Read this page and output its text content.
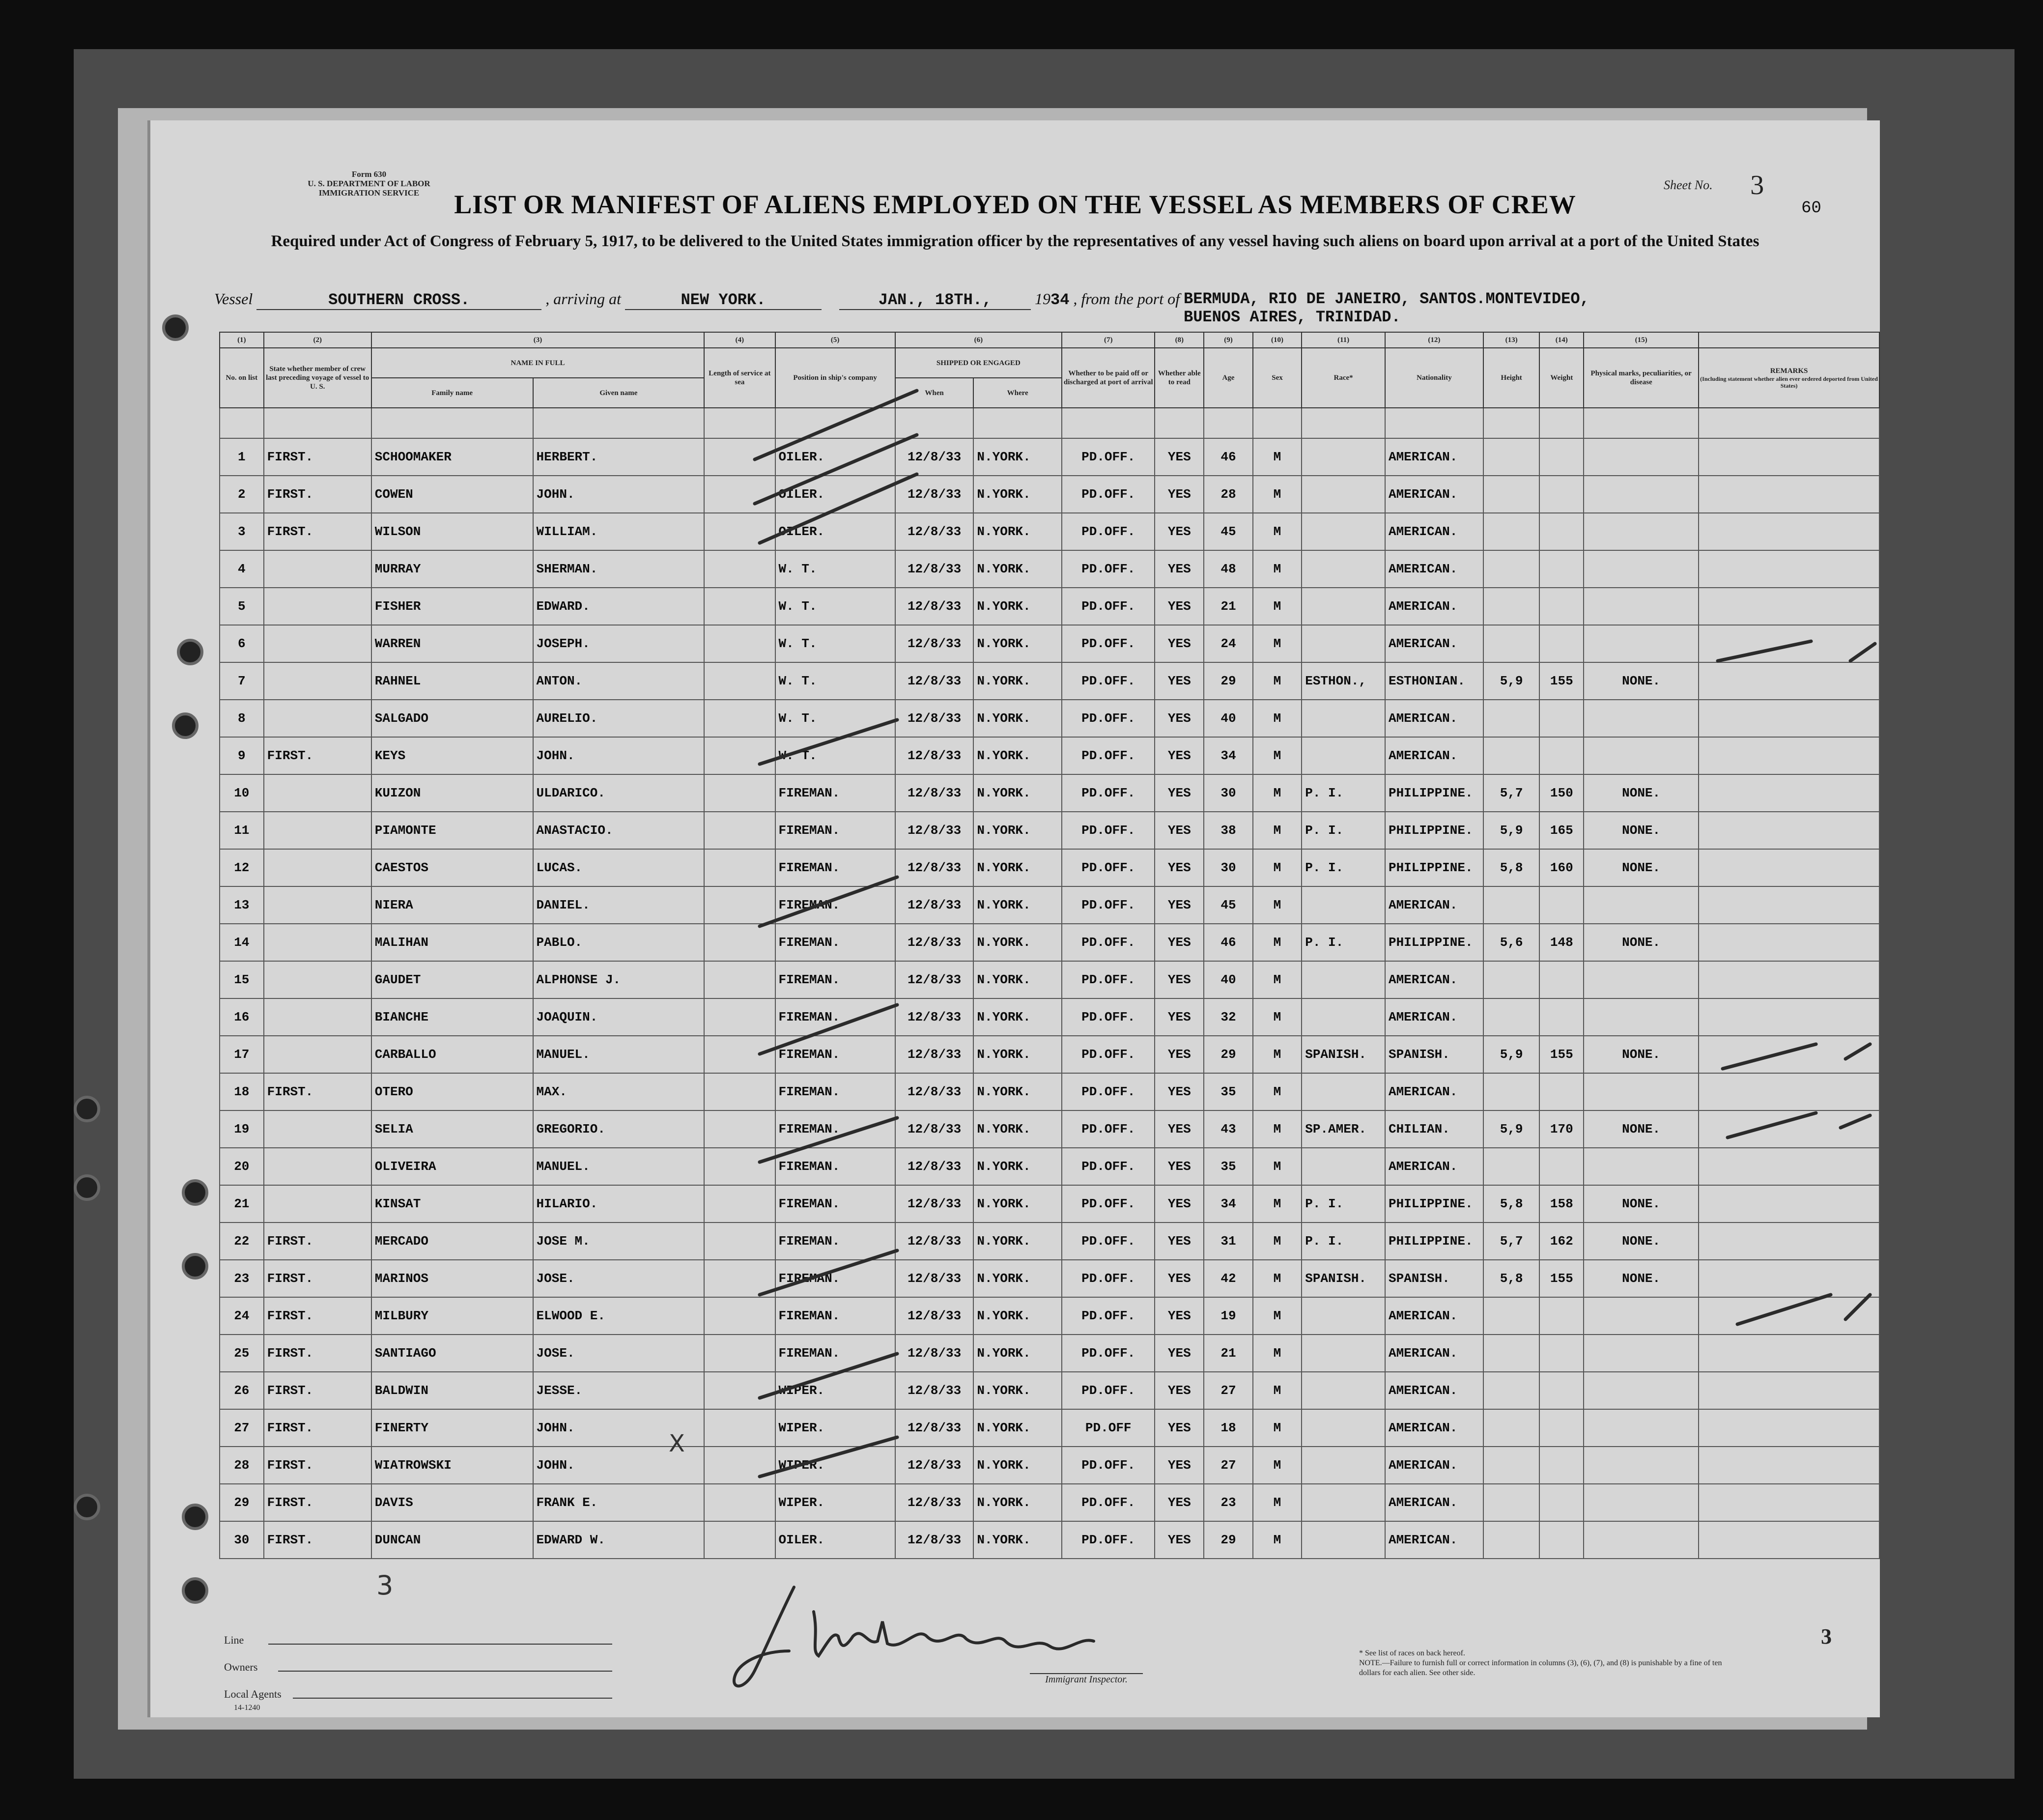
Form 630
U. S. DEPARTMENT OF LABOR
IMMIGRATION SERVICE
Sheet No. 3
60
LIST OR MANIFEST OF ALIENS EMPLOYED ON THE VESSEL AS MEMBERS OF CREW
Required under Act of Congress of February 5, 1917, to be delivered to the United States immigration officer by the representatives of any vessel having such aliens on board upon arrival at a port of the United States
Vessel	SOUTHERN CROSS.	, arriving at	NEW YORK.	JAN., 18TH.,	1934 , from the port of BERMUDA, RIO DE JANEIRO, SANTOS.MONTEVIDEO,
BUENOS AIRES, TRINIDAD.
(1)	(2)	(3)		(4)	(5)	(6)		(7)	(8)	(9)	(10)	(11)	(12)	(13)	(14)	(15)	
No. on list	State whether member of crew last preceding voyage of vessel to U. S.	NAME IN FULL		Length of service at sea	Position in ship's company	SHIPPED OR ENGAGED		Whether to be paid off or discharged at port of arrival	Whether able to read	Age	Sex	Race*	Nationality	Height	Weight	Physical marks, peculiarities, or disease	REMARKS
(Including statement whether alien ever ordered deported from United States)

		Family name	Given name			When	Where										

1	FIRST.	SCHOOMAKER	HERBERT.		OILER.	12/8/33	N.YORK.	PD.OFF.	YES	46	M		AMERICAN.				
2	FIRST.	COWEN	JOHN.		OILER.	12/8/33	N.YORK.	PD.OFF.	YES	28	M		AMERICAN.				
3	FIRST.	WILSON	WILLIAM.		OILER.	12/8/33	N.YORK.	PD.OFF.	YES	45	M		AMERICAN.				
4		MURRAY	SHERMAN.		W. T.	12/8/33	N.YORK.	PD.OFF.	YES	48	M		AMERICAN.				
5		FISHER	EDWARD.		W. T.	12/8/33	N.YORK.	PD.OFF.	YES	21	M		AMERICAN.				
6		WARREN	JOSEPH.		W. T.	12/8/33	N.YORK.	PD.OFF.	YES	24	M		AMERICAN.				
7		RAHNEL	ANTON.		W. T.	12/8/33	N.YORK.	PD.OFF.	YES	29	M	ESTHON.,	ESTHONIAN.	5,9	155	NONE.	
8		SALGADO	AURELIO.		W. T.	12/8/33	N.YORK.	PD.OFF.	YES	40	M		AMERICAN.				
9	FIRST.	KEYS	JOHN.		W. T.	12/8/33	N.YORK.	PD.OFF.	YES	34	M		AMERICAN.				
10		KUIZON	ULDARICO.		FIREMAN.	12/8/33	N.YORK.	PD.OFF.	YES	30	M	P. I.	PHILIPPINE.	5,7	150	NONE.	
11		PIAMONTE	ANASTACIO.		FIREMAN.	12/8/33	N.YORK.	PD.OFF.	YES	38	M	P. I.	PHILIPPINE.	5,9	165	NONE.	
12		CAESTOS	LUCAS.		FIREMAN.	12/8/33	N.YORK.	PD.OFF.	YES	30	M	P. I.	PHILIPPINE.	5,8	160	NONE.	
13		NIERA	DANIEL.		FIREMAN.	12/8/33	N.YORK.	PD.OFF.	YES	45	M		AMERICAN.				
14		MALIHAN	PABLO.		FIREMAN.	12/8/33	N.YORK.	PD.OFF.	YES	46	M	P. I.	PHILIPPINE.	5,6	148	NONE.	
15		GAUDET	ALPHONSE J.		FIREMAN.	12/8/33	N.YORK.	PD.OFF.	YES	40	M		AMERICAN.				
16		BIANCHE	JOAQUIN.		FIREMAN.	12/8/33	N.YORK.	PD.OFF.	YES	32	M		AMERICAN.				
17		CARBALLO	MANUEL.		FIREMAN.	12/8/33	N.YORK.	PD.OFF.	YES	29	M	SPANISH.	SPANISH.	5,9	155	NONE.	
18	FIRST.	OTERO	MAX.		FIREMAN.	12/8/33	N.YORK.	PD.OFF.	YES	35	M		AMERICAN.				
19		SELIA	GREGORIO.		FIREMAN.	12/8/33	N.YORK.	PD.OFF.	YES	43	M	SP.AMER.	CHILIAN.	5,9	170	NONE.	
20		OLIVEIRA	MANUEL.		FIREMAN.	12/8/33	N.YORK.	PD.OFF.	YES	35	M		AMERICAN.				
21		KINSAT	HILARIO.		FIREMAN.	12/8/33	N.YORK.	PD.OFF.	YES	34	M	P. I.	PHILIPPINE.	5,8	158	NONE.	
22	FIRST.	MERCADO	JOSE M.		FIREMAN.	12/8/33	N.YORK.	PD.OFF.	YES	31	M	P. I.	PHILIPPINE.	5,7	162	NONE.	
23	FIRST.	MARINOS	JOSE.		FIREMAN.	12/8/33	N.YORK.	PD.OFF.	YES	42	M	SPANISH.	SPANISH.	5,8	155	NONE.	
24	FIRST.	MILBURY	ELWOOD E.		FIREMAN.	12/8/33	N.YORK.	PD.OFF.	YES	19	M		AMERICAN.				
25	FIRST.	SANTIAGO	JOSE.		FIREMAN.	12/8/33	N.YORK.	PD.OFF.	YES	21	M		AMERICAN.				
26	FIRST.	BALDWIN	JESSE.		WIPER.	12/8/33	N.YORK.	PD.OFF.	YES	27	M		AMERICAN.				
27	FIRST.	FINERTY	JOHN.		WIPER.	12/8/33	N.YORK.	PD.OFF	YES	18	M		AMERICAN.				
28	FIRST.	WIATROWSKI	JOHN.		WIPER.	12/8/33	N.YORK.	PD.OFF.	YES	27	M		AMERICAN.				
29	FIRST.	DAVIS	FRANK E.		WIPER.	12/8/33	N.YORK.	PD.OFF.	YES	23	M		AMERICAN.				
30	FIRST.	DUNCAN	EDWARD W.		OILER.	12/8/33	N.YORK.	PD.OFF.	YES	29	M		AMERICAN.				
Line
Owners
Local Agents
14-1240
3
X
Immigrant Inspector.
* See list of races on back hereof.
NOTE.—Failure to furnish full or correct information in columns (3), (6), (7), and (8) is punishable by a fine of ten dollars for each alien. See other side.
3
